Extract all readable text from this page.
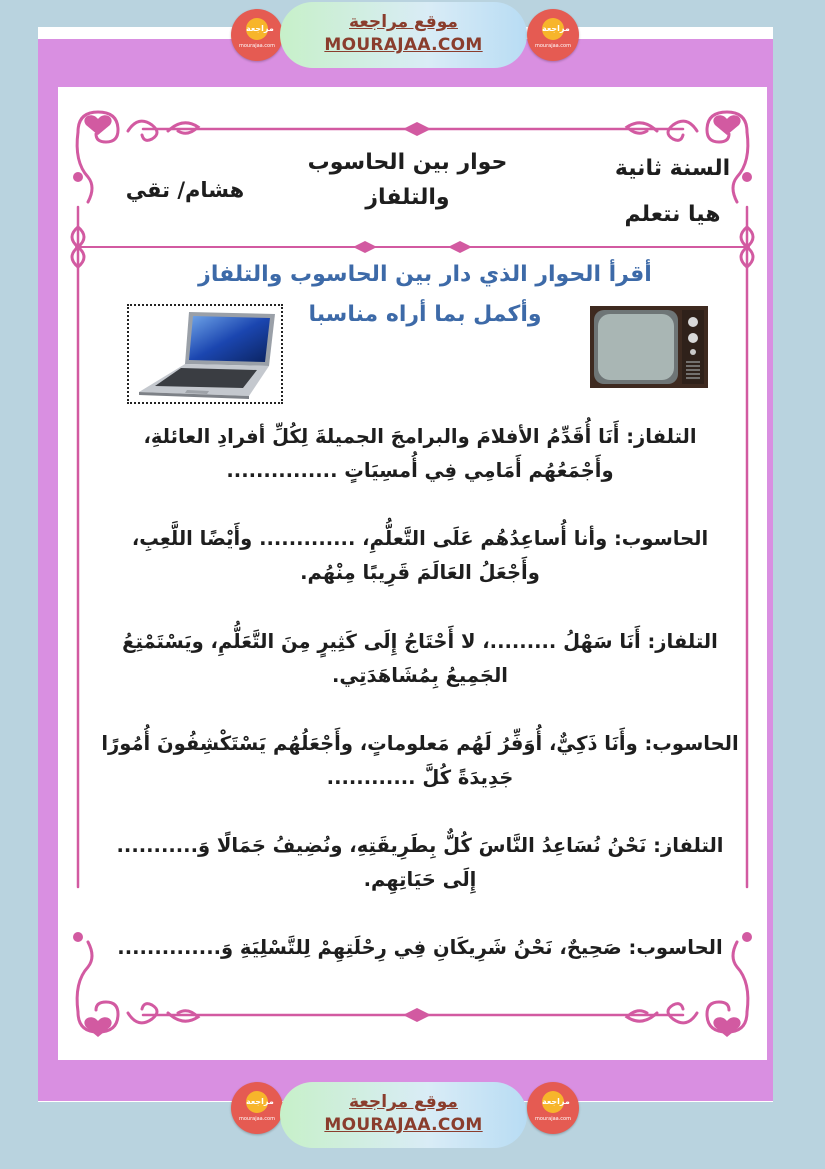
مراجعة
mourajaa.com
موقع مراجعة
MOURAJAA.COM
مراجعة
mourajaa.com
السنة ثانية
هيا نتعلم
حوار بين الحاسوب والتلفاز
هشام/ تقي
أقرأ الحوار الذي دار بين الحاسوب والتلفاز
وأكمل بما أراه مناسبا

التلفاز: أَنَا أُقَدِّمُ الأفلامَ والبرامجَ الجميلةَ لِكُلِّ أفرادِ العائلةِ، وأَجْمَعُهُم أَمَامِي فِي أُمسِيَاتٍ ...............

الحاسوب: وأنا أُساعِدُهُم عَلَى التَّعلُّمِ، ............. وأَيْضًا اللَّعِبِ، وأَجْعَلُ العَالَمَ قَرِيبًا مِنْهُم.

التلفاز: أَنَا سَهْلُ .........، لا أَحْتَاجُ إِلَى كَثِيرٍ مِنَ التَّعَلُّمِ، ويَسْتَمْتِعُ الجَمِيعُ بِمُشَاهَدَتِي.

الحاسوب: وأَنَا ذَكِيٌّ، أُوَفِّرُ لَهُم مَعلوماتٍ، وأَجْعَلُهُم يَسْتَكْشِفُونَ أُمُورًا جَدِيدَةً كُلَّ ............

التلفاز: نَحْنُ نُسَاعِدُ النَّاسَ كُلٌّ بِطَرِيقَتِهِ، ونُضِيفُ جَمَالًا وَ........... إِلَى حَيَاتِهِم.

الحاسوب: صَحِيحٌ، نَحْنُ شَرِيكَانِ فِي رِحْلَتِهِمْ لِلتَّسْلِيَةِ وَ..............

مراجعة
mourajaa.com
موقع مراجعة
MOURAJAA.COM
مراجعة
mourajaa.com
